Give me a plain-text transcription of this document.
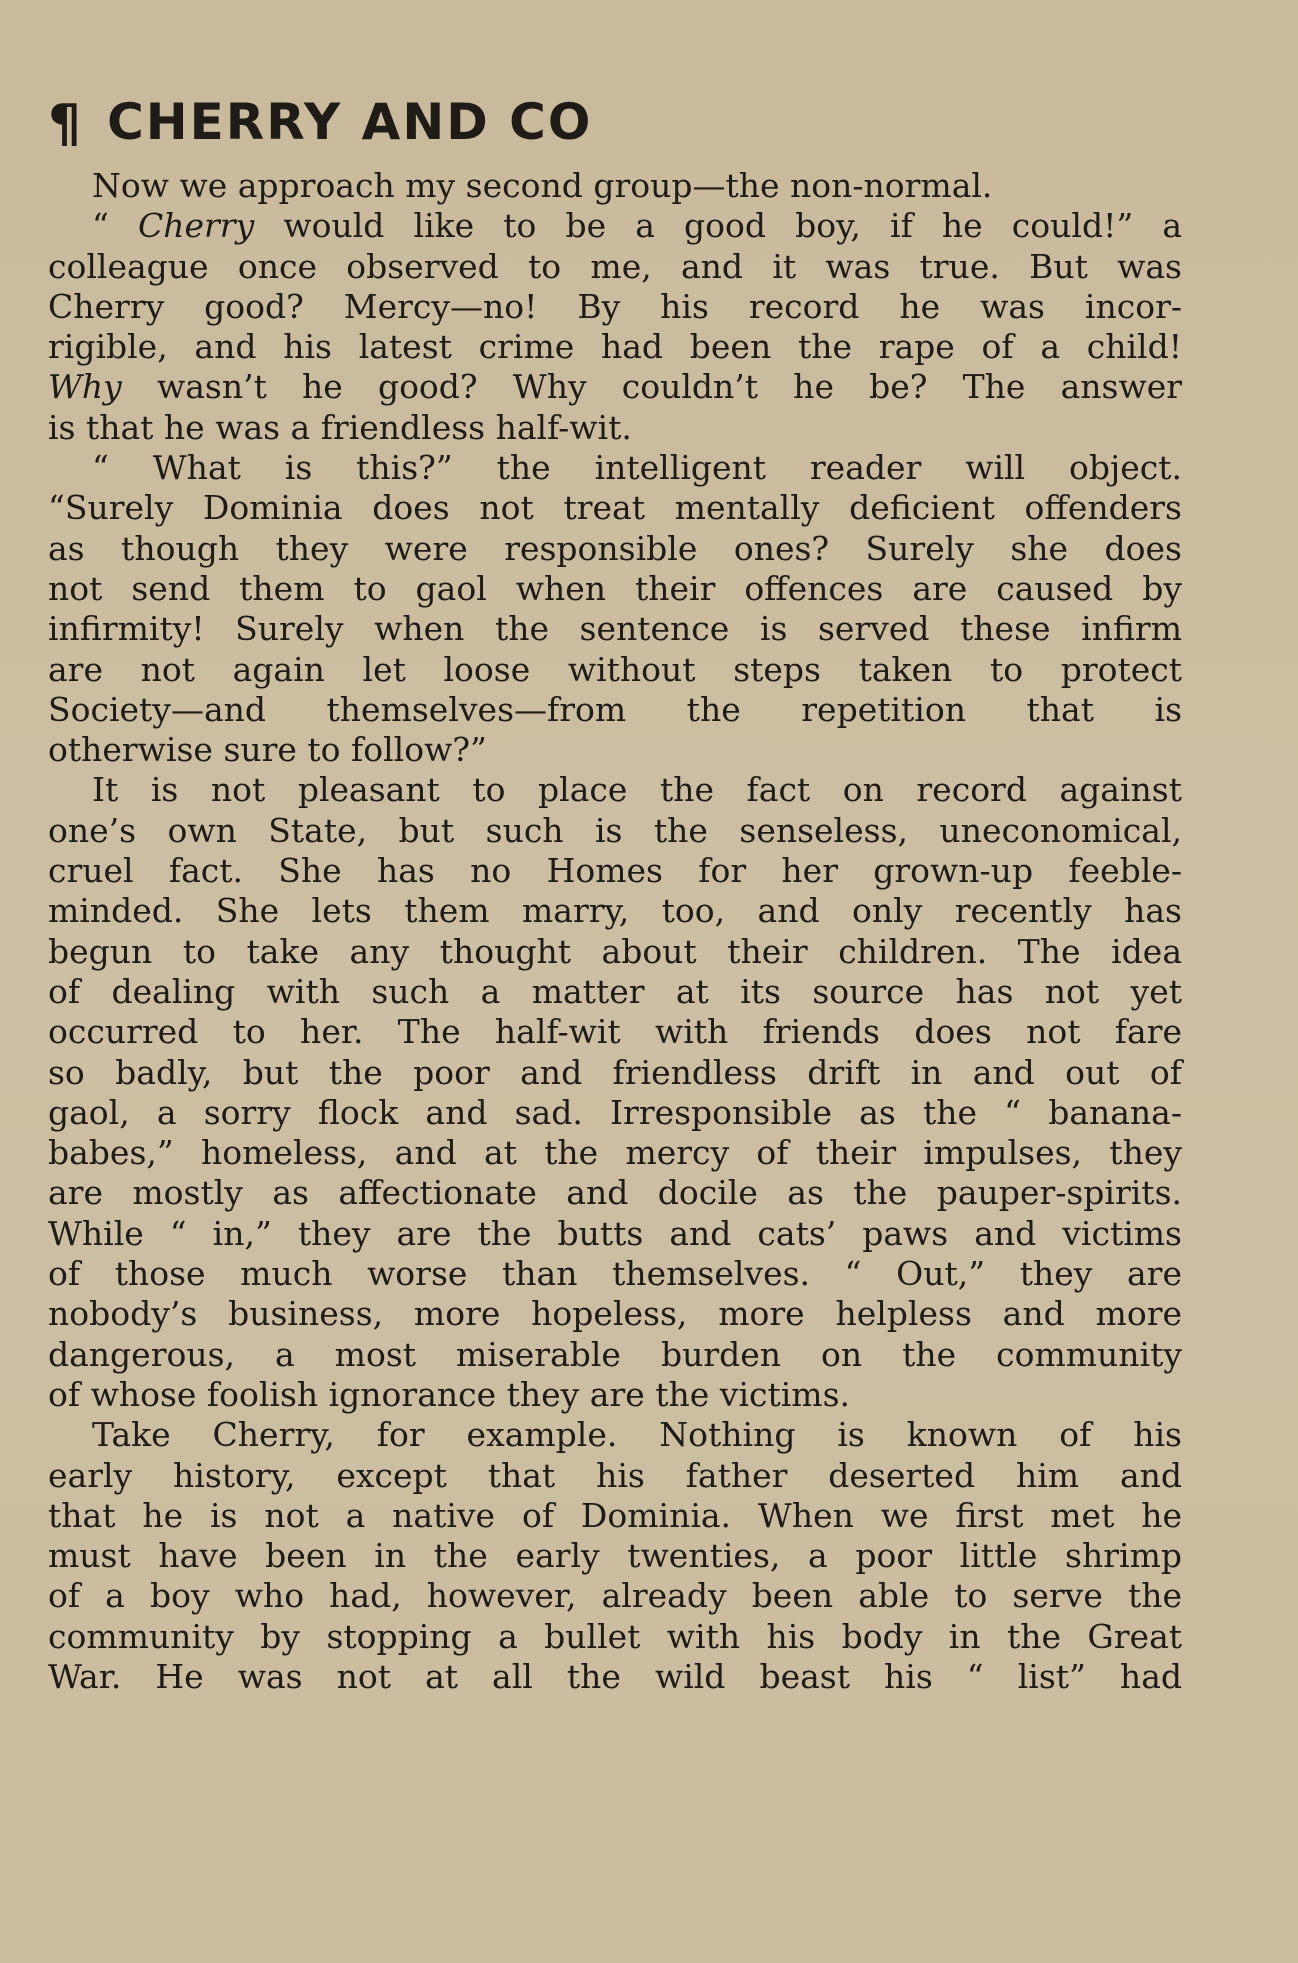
¶ CHERRY AND CO
Now we approach my second group—the non-normal.
“ Cherry would like to be a good boy, if he could!” a
colleague once observed to me, and it was true. But was
Cherry good? Mercy—no! By his record he was incor-
rigible, and his latest crime had been the rape of a child!
Why wasn’t he good? Why couldn’t he be? The answer
is that he was a friendless half-wit.
“ What is this?” the intelligent reader will object.
“Surely Dominia does not treat mentally deficient offenders
as though they were responsible ones? Surely she does
not send them to gaol when their offences are caused by
infirmity! Surely when the sentence is served these infirm
are not again let loose without steps taken to protect
Society—and themselves—from the repetition that is
otherwise sure to follow?”
It is not pleasant to place the fact on record against
one’s own State, but such is the senseless, uneconomical,
cruel fact. She has no Homes for her grown-up feeble-
minded. She lets them marry, too, and only recently has
begun to take any thought about their children. The idea
of dealing with such a matter at its source has not yet
occurred to her. The half-wit with friends does not fare
so badly, but the poor and friendless drift in and out of
gaol, a sorry flock and sad. Irresponsible as the “ banana-
babes,” homeless, and at the mercy of their impulses, they
are mostly as affectionate and docile as the pauper-spirits.
While “ in,” they are the butts and cats’ paws and victims
of those much worse than themselves. “ Out,” they are
nobody’s business, more hopeless, more helpless and more
dangerous, a most miserable burden on the community
of whose foolish ignorance they are the victims.
Take Cherry, for example. Nothing is known of his
early history, except that his father deserted him and
that he is not a native of Dominia. When we first met he
must have been in the early twenties, a poor little shrimp
of a boy who had, however, already been able to serve the
community by stopping a bullet with his body in the Great
War. He was not at all the wild beast his “ list” had
